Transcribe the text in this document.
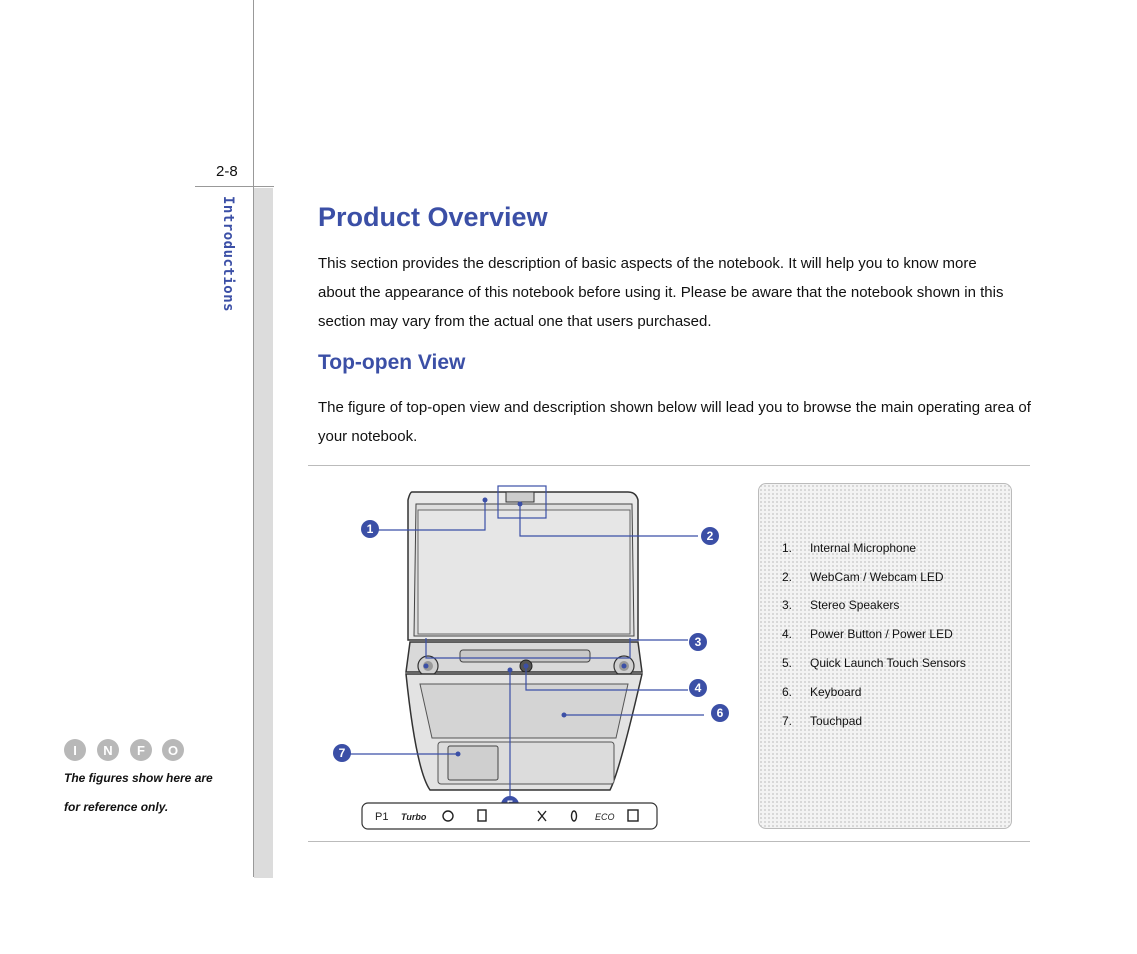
2-8
Introductions	Product Overview

This section provides the description of basic aspects of the notebook. It will help you to know more about the appearance of this notebook before using it. Please be aware that the notebook shown in this section may vary from the actual one that users purchased.

Top-open View

The figure of top-open view and description shown below will lead you to browse the main operating area of your notebook.

I N F O
The figures show here are
for reference only.
1	2
3
4
6
7
P1 Turbo	ECO
1. Internal Microphone
2. WebCam / Webcam LED
3. Stereo Speakers
4. Power Button / Power LED
5. Quick Launch Touch Sensors
6. Keyboard
7. Touchpad
